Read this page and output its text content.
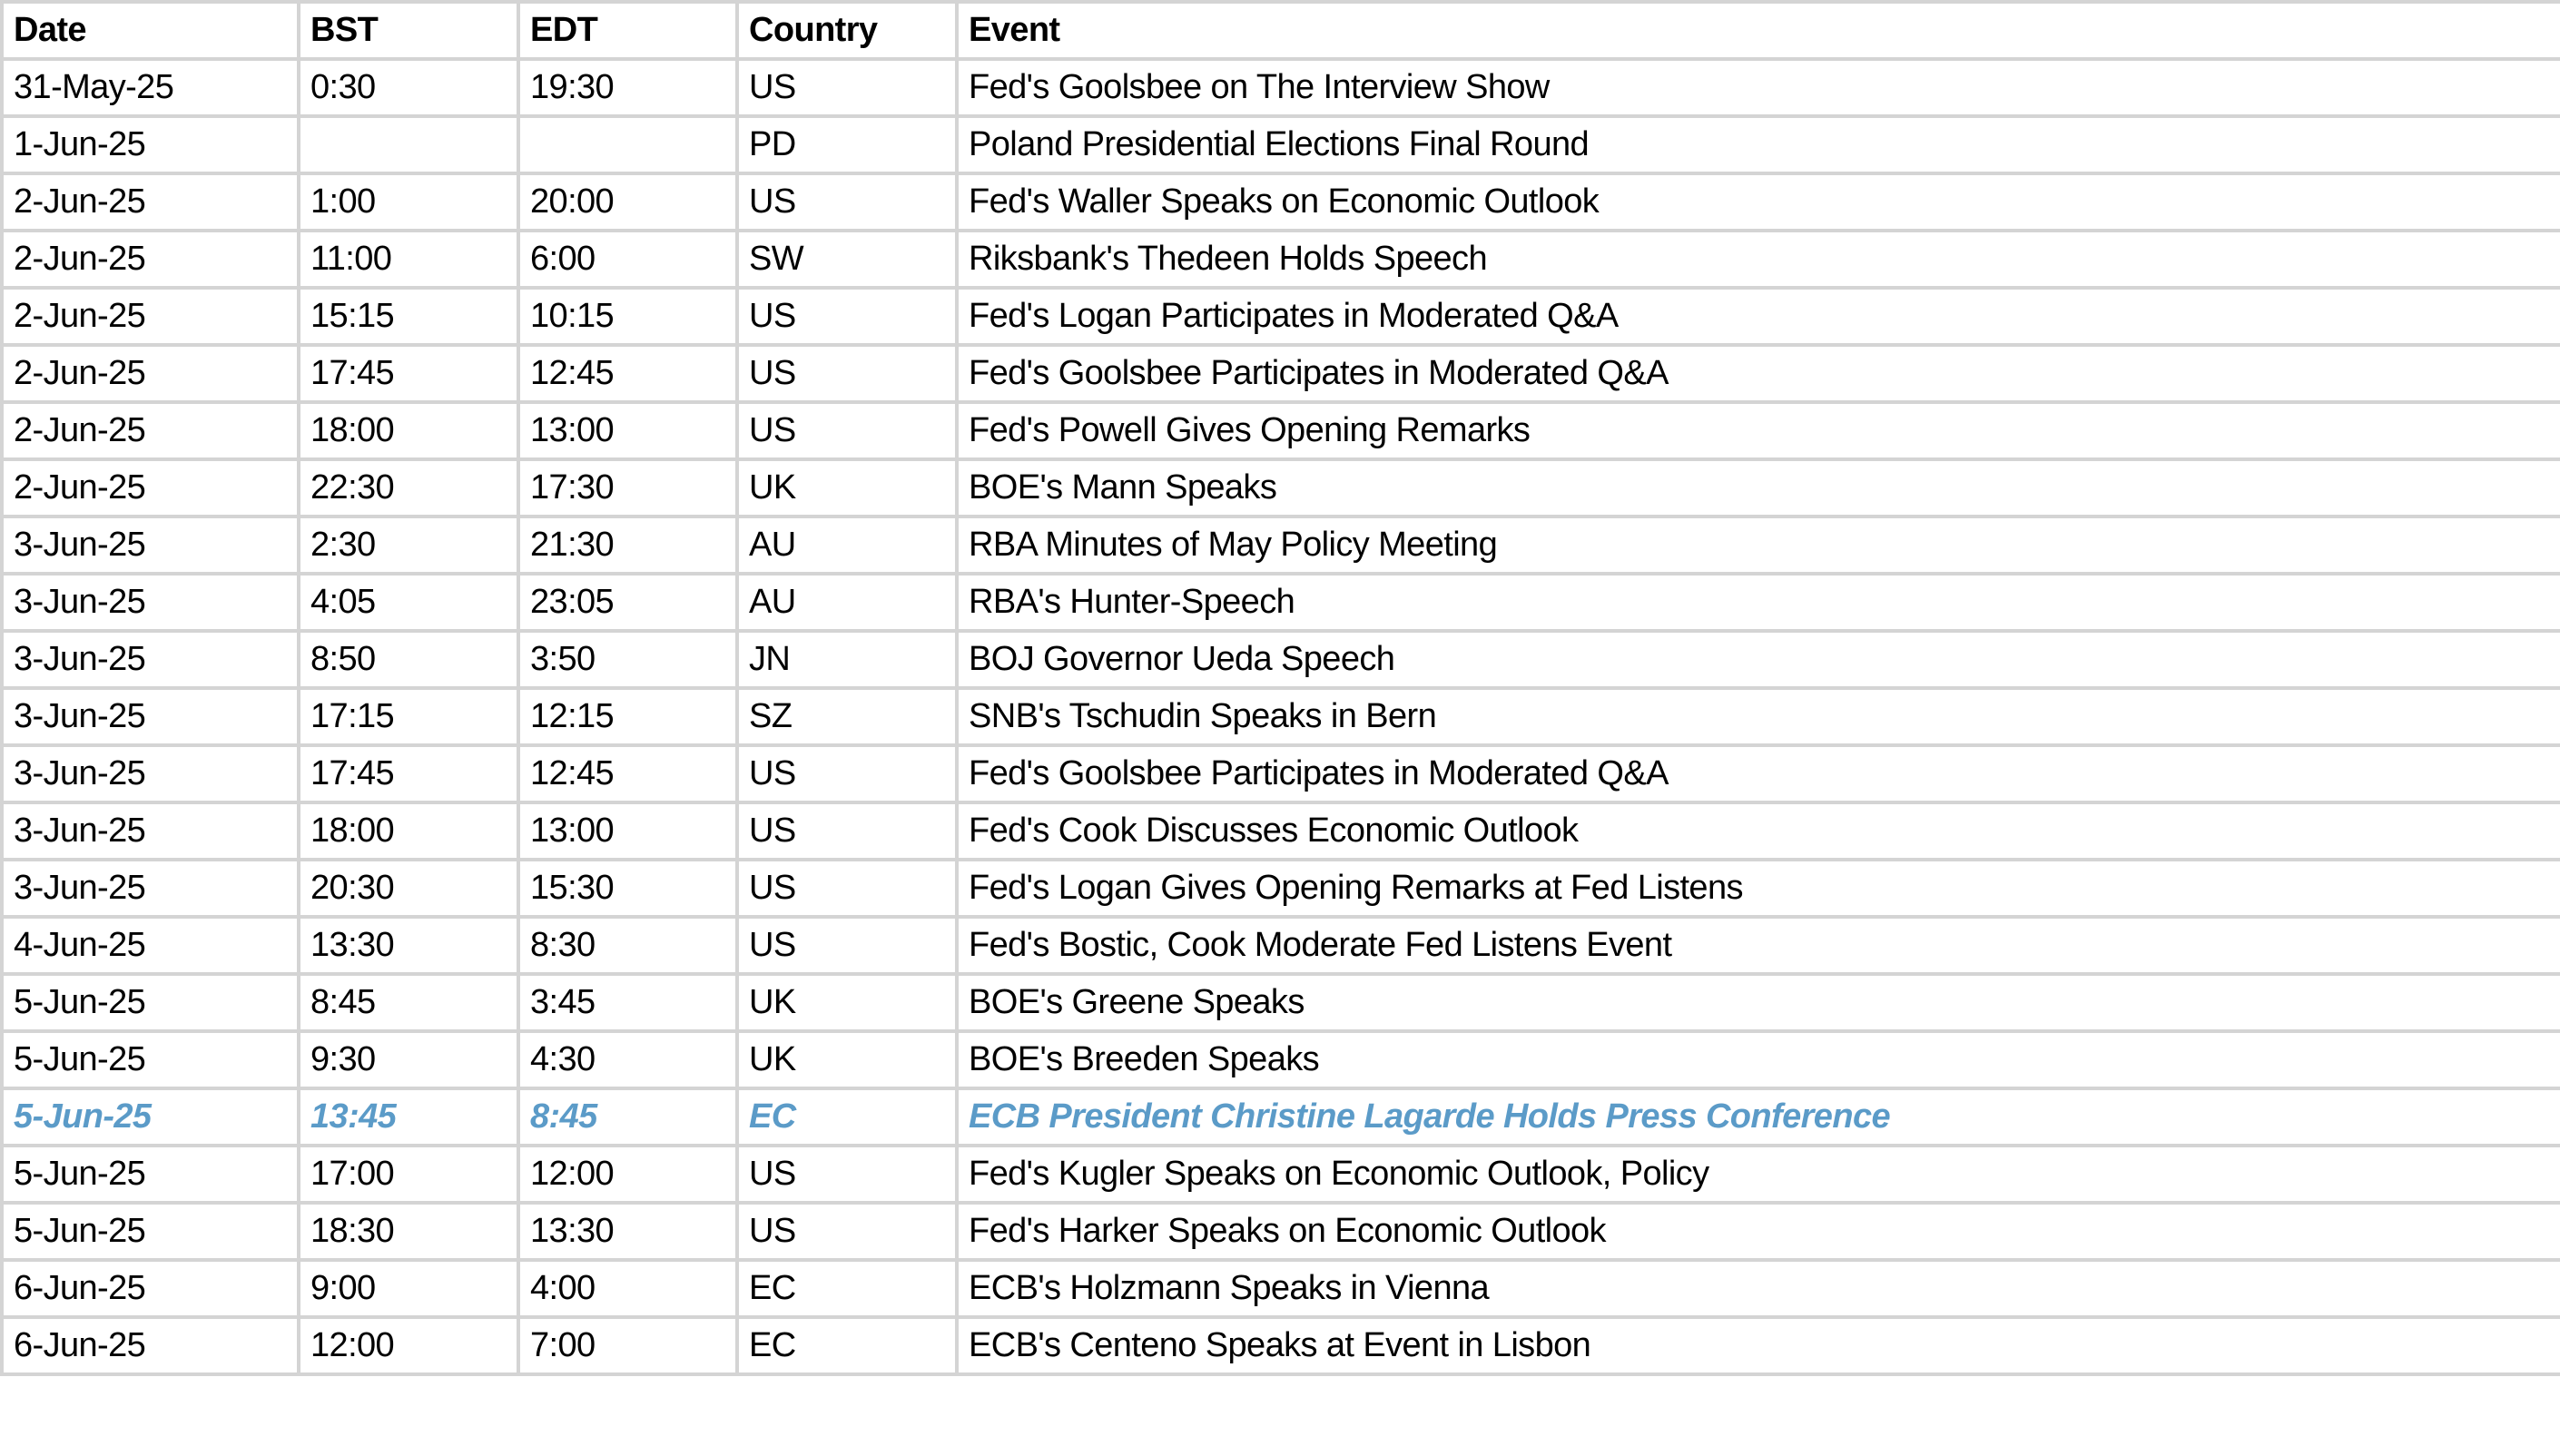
Date	BST	EDT	Country	Event
31-May-25	0:30	19:30	US	Fed's Goolsbee on The Interview Show
1-Jun-25			PD	Poland Presidential Elections Final Round
2-Jun-25	1:00	20:00	US	Fed's Waller Speaks on Economic Outlook
2-Jun-25	11:00	6:00	SW	Riksbank's Thedeen Holds Speech
2-Jun-25	15:15	10:15	US	Fed's Logan Participates in Moderated Q&A
2-Jun-25	17:45	12:45	US	Fed's Goolsbee Participates in Moderated Q&A
2-Jun-25	18:00	13:00	US	Fed's Powell Gives Opening Remarks
2-Jun-25	22:30	17:30	UK	BOE's Mann Speaks
3-Jun-25	2:30	21:30	AU	RBA Minutes of May Policy Meeting
3-Jun-25	4:05	23:05	AU	RBA's Hunter-Speech
3-Jun-25	8:50	3:50	JN	BOJ Governor Ueda Speech
3-Jun-25	17:15	12:15	SZ	SNB's Tschudin Speaks in Bern
3-Jun-25	17:45	12:45	US	Fed's Goolsbee Participates in Moderated Q&A
3-Jun-25	18:00	13:00	US	Fed's Cook Discusses Economic Outlook
3-Jun-25	20:30	15:30	US	Fed's Logan Gives Opening Remarks at Fed Listens
4-Jun-25	13:30	8:30	US	Fed's Bostic, Cook Moderate Fed Listens Event
5-Jun-25	8:45	3:45	UK	BOE's Greene Speaks
5-Jun-25	9:30	4:30	UK	BOE's Breeden Speaks
5-Jun-25	13:45	8:45	EC	ECB President Christine Lagarde Holds Press Conference
5-Jun-25	17:00	12:00	US	Fed's Kugler Speaks on Economic Outlook, Policy
5-Jun-25	18:30	13:30	US	Fed's Harker Speaks on Economic Outlook
6-Jun-25	9:00	4:00	EC	ECB's Holzmann Speaks in Vienna
6-Jun-25	12:00	7:00	EC	ECB's Centeno Speaks at Event in Lisbon
